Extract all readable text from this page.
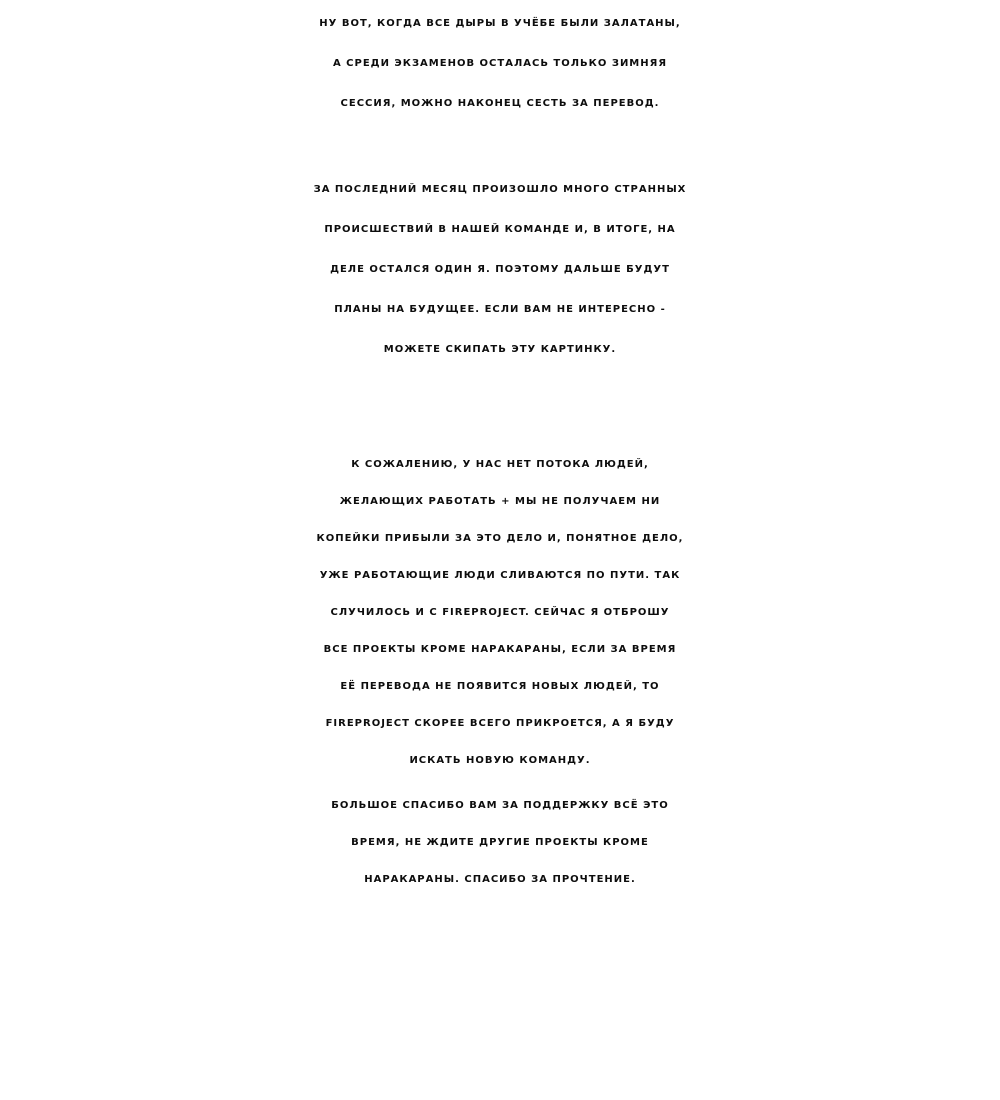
НУ ВОТ, КОГДА ВСЕ ДЫРЫ В УЧЁБЕ БЫЛИ ЗАЛАТАНЫ,
А СРЕДИ ЭКЗАМЕНОВ ОСТАЛАСЬ ТОЛЬКО ЗИМНЯЯ
СЕССИЯ, МОЖНО НАКОНЕЦ СЕСТЬ ЗА ПЕРЕВОД.

ЗА ПОСЛЕДНИЙ МЕСЯЦ ПРОИЗОШЛО МНОГО СТРАННЫХ
ПРОИСШЕСТВИЙ В НАШЕЙ КОМАНДЕ И, В ИТОГЕ, НА
ДЕЛЕ ОСТАЛСЯ ОДИН Я. ПОЭТОМУ ДАЛЬШЕ БУДУТ
ПЛАНЫ НА БУДУЩЕЕ. ЕСЛИ ВАМ НЕ ИНТЕРЕСНО -
МОЖЕТЕ СКИПАТЬ ЭТУ КАРТИНКУ.

К СОЖАЛЕНИЮ, У НАС НЕТ ПОТОКА ЛЮДЕЙ,
ЖЕЛАЮЩИХ РАБОТАТЬ + МЫ НЕ ПОЛУЧАЕМ НИ
КОПЕЙКИ ПРИБЫЛИ ЗА ЭТО ДЕЛО И, ПОНЯТНОЕ ДЕЛО,
УЖЕ РАБОТАЮЩИЕ ЛЮДИ СЛИВАЮТСЯ ПО ПУТИ. ТАК
СЛУЧИЛОСЬ И С FIREPROJECT. СЕЙЧАС Я ОТБРОШУ
ВСЕ ПРОЕКТЫ КРОМЕ НАРАКАРАНЫ, ЕСЛИ ЗА ВРЕМЯ
ЕЁ ПЕРЕВОДА НЕ ПОЯВИТСЯ НОВЫХ ЛЮДЕЙ, ТО
FIREPROJECT СКОРЕЕ ВСЕГО ПРИКРОЕТСЯ, А Я БУДУ
ИСКАТЬ НОВУЮ КОМАНДУ.

БОЛЬШОЕ СПАСИБО ВАМ ЗА ПОДДЕРЖКУ ВСЁ ЭТО
ВРЕМЯ, НЕ ЖДИТЕ ДРУГИЕ ПРОЕКТЫ КРОМЕ
НАРАКАРАНЫ. СПАСИБО ЗА ПРОЧТЕНИЕ.
